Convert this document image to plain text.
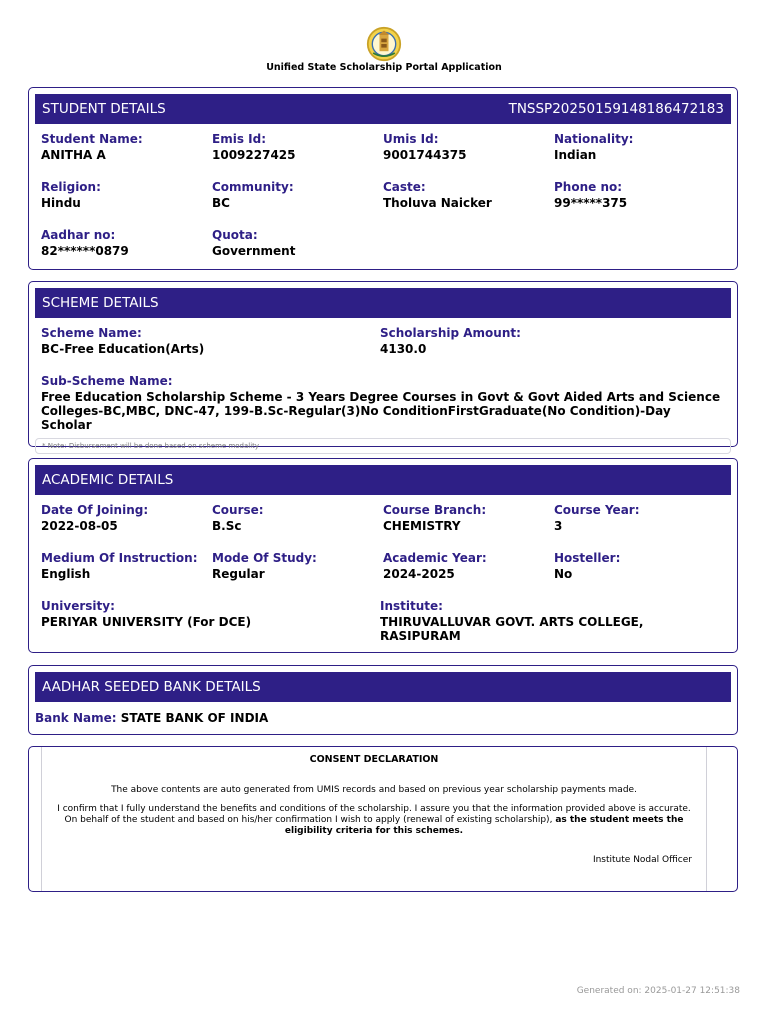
Unified State Scholarship Portal Application
STUDENT DETAILS	TNSSP20250159148186472183
Student Name:
ANITHA A
Emis Id:
1009227425
Umis Id:
9001744375
Nationality:
Indian
Religion:
Hindu
Community:
BC
Caste:
Tholuva Naicker
Phone no:
99*****375
Aadhar no:
82******0879
Quota:
Government
SCHEME DETAILS
Scheme Name:
BC-Free Education(Arts)
Scholarship Amount:
4130.0
Sub-Scheme Name:
Free Education Scholarship Scheme - 3 Years Degree Courses in Govt & Govt Aided Arts and Science
Colleges-BC,MBC, DNC-47, 199-B.Sc-Regular(3)No ConditionFirstGraduate(No Condition)-Day Scholar
* Note: Disbursement will be done based on scheme modality
ACADEMIC DETAILS
Date Of Joining:
2022-08-05
Course:
B.Sc
Course Branch:
CHEMISTRY
Course Year:
3
Medium Of Instruction:
English
Mode Of Study:
Regular
Academic Year:
2024-2025
Hosteller:
No
University:
PERIYAR UNIVERSITY (For DCE)
Institute:
THIRUVALLUVAR GOVT. ARTS COLLEGE,
RASIPURAM
AADHAR SEEDED BANK DETAILS
Bank Name: STATE BANK OF INDIA
CONSENT DECLARATION
The above contents are auto generated from UMIS records and based on previous year scholarship payments made.
I confirm that I fully understand the benefits and conditions of the scholarship. I assure you that the information provided above is accurate. On behalf of the student and based on his/her confirmation I wish to apply (renewal of existing scholarship), as the student meets the eligibility criteria for this schemes.
Institute Nodal Officer
Generated on: 2025-01-27 12:51:38
